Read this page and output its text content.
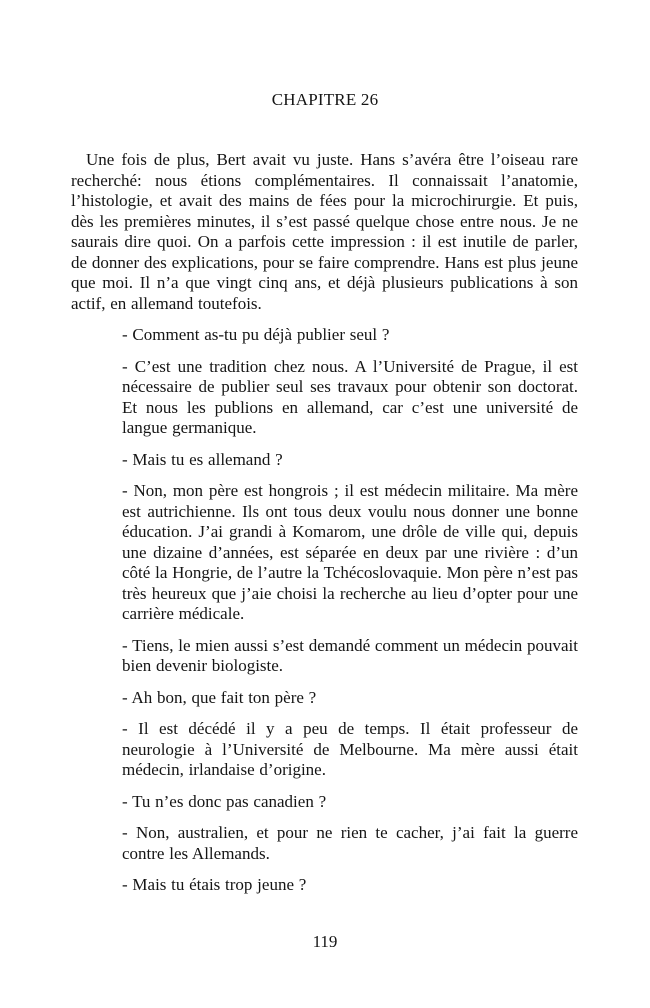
CHAPITRE 26

Une fois de plus, Bert avait vu juste. Hans s’avéra être l’oiseau rare recherché: nous étions complémentaires. Il connaissait l’anatomie, l’histologie, et avait des mains de fées pour la microchirurgie. Et puis, dès les premières minutes, il s’est passé quelque chose entre nous. Je ne saurais dire quoi. On a parfois cette impression : il est inutile de parler, de donner des explications, pour se faire comprendre. Hans est plus jeune que moi. Il n’a que vingt cinq ans, et déjà plusieurs publications à son actif, en allemand toutefois.

- Comment as-tu pu déjà publier seul ?

- C’est une tradition chez nous. A l’Université de Prague, il est nécessaire de publier seul ses travaux pour obtenir son doctorat. Et nous les publions en allemand, car c’est une université de langue germanique.

- Mais tu es allemand ?

- Non, mon père est hongrois ; il est médecin militaire. Ma mère est autrichienne. Ils ont tous deux voulu nous donner une bonne éducation. J’ai grandi à Komarom, une drôle de ville qui, depuis une dizaine d’années, est séparée en deux par une rivière : d’un côté la Hongrie, de l’autre la Tchécoslovaquie. Mon père n’est pas très heureux que j’aie choisi la recherche au lieu d’opter pour une carrière médicale.

- Tiens, le mien aussi s’est demandé comment un médecin pouvait bien devenir biologiste.

- Ah bon, que fait ton père ?

- Il est décédé il y a peu de temps. Il était professeur de neurologie à l’Université de Melbourne. Ma mère aussi était médecin, irlandaise d’origine.

- Tu n’es donc pas canadien ?

- Non, australien, et pour ne rien te cacher, j’ai fait la guerre contre les Allemands.

- Mais tu étais trop jeune ?

119
